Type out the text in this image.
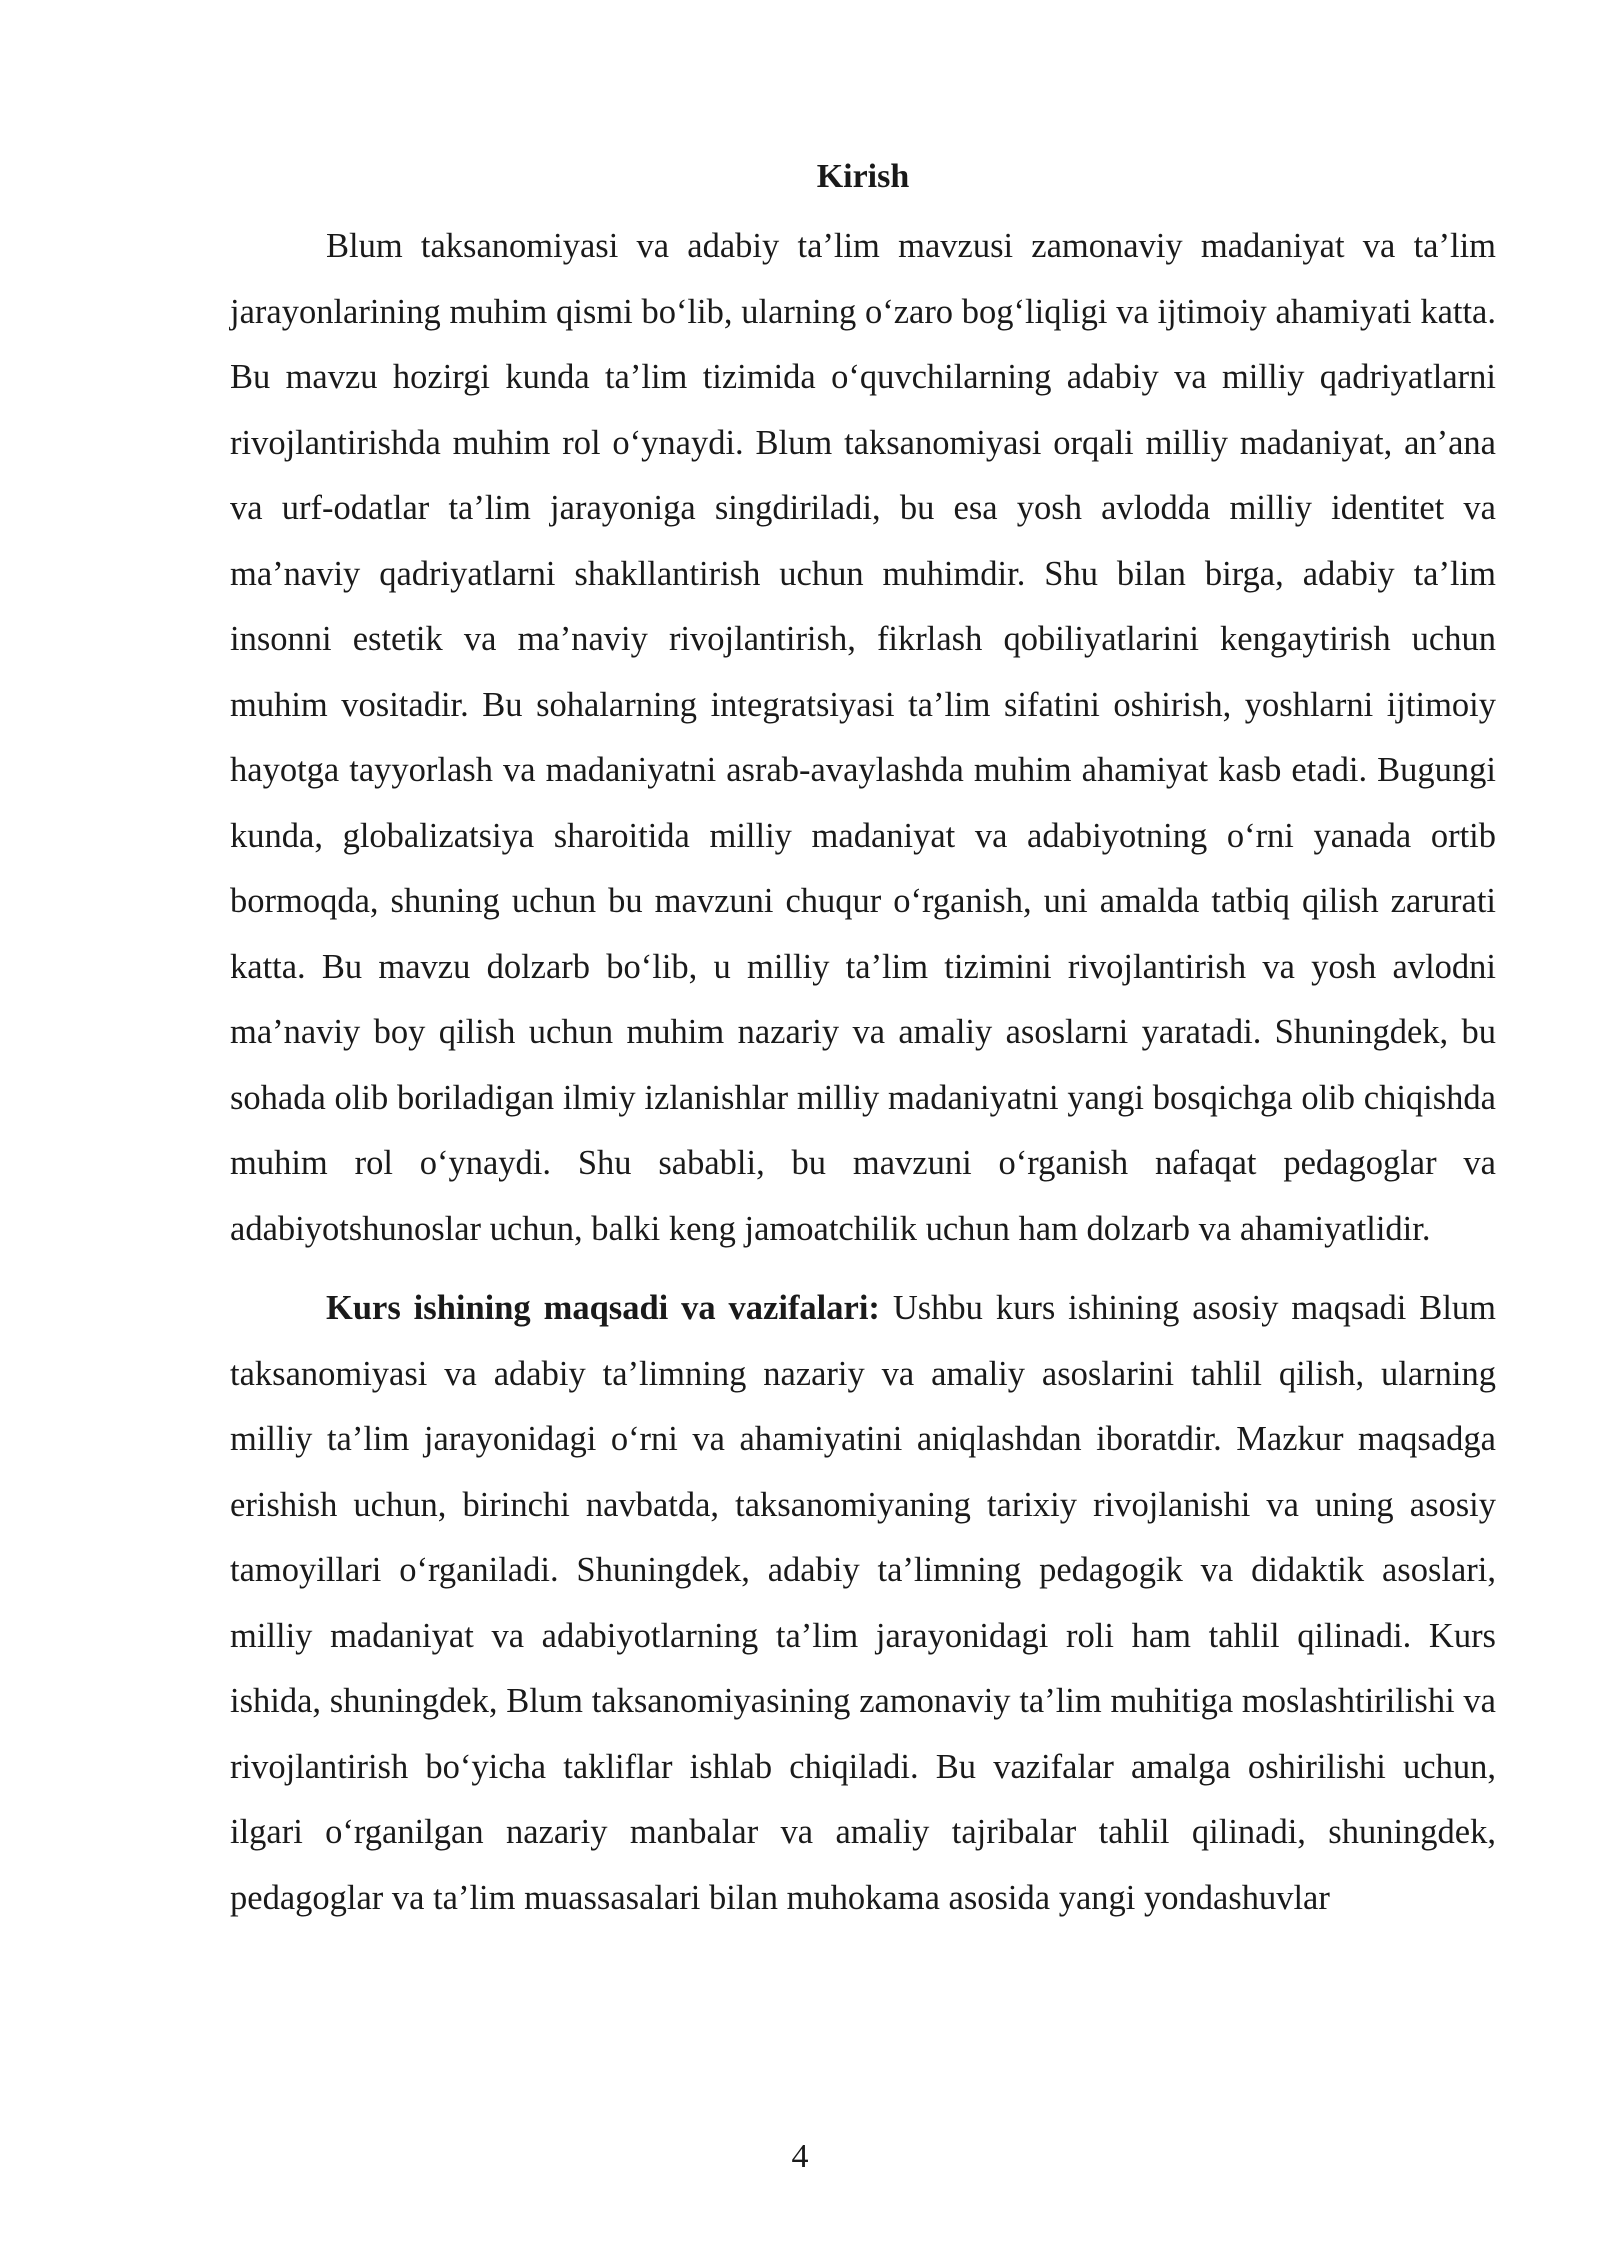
Kirish

Blum taksanomiyasi va adabiy ta’lim mavzusi zamonaviy madaniyat va ta’lim jarayonlarining muhim qismi bo‘lib, ularning o‘zaro bog‘liqligi va ijtimoiy ahamiyati katta. Bu mavzu hozirgi kunda ta’lim tizimida o‘quvchilarning adabiy va milliy qadriyatlarni rivojlantirishda muhim rol o‘ynaydi. Blum taksanomiyasi orqali milliy madaniyat, an’ana va urf-odatlar ta’lim jarayoniga singdiriladi, bu esa yosh avlodda milliy identitet va ma’naviy qadriyatlarni shakllantirish uchun muhimdir. Shu bilan birga, adabiy ta’lim insonni estetik va ma’naviy rivojlantirish, fikrlash qobiliyatlarini kengaytirish uchun muhim vositadir. Bu sohalarning integratsiyasi ta’lim sifatini oshirish, yoshlarni ijtimoiy hayotga tayyorlash va madaniyatni asrab-avaylashda muhim ahamiyat kasb etadi. Bugungi kunda, globalizatsiya sharoitida milliy madaniyat va adabiyotning o‘rni yanada ortib bormoqda, shuning uchun bu mavzuni chuqur o‘rganish, uni amalda tatbiq qilish zarurati katta. Bu mavzu dolzarb bo‘lib, u milliy ta’lim tizimini rivojlantirish va yosh avlodni ma’naviy boy qilish uchun muhim nazariy va amaliy asoslarni yaratadi. Shuningdek, bu sohada olib boriladigan ilmiy izlanishlar milliy madaniyatni yangi bosqichga olib chiqishda muhim rol o‘ynaydi. Shu sababli, bu mavzuni o‘rganish nafaqat pedagoglar va adabiyotshunoslar uchun, balki keng jamoatchilik uchun ham dolzarb va ahamiyatlidir.

Kurs ishining maqsadi va vazifalari: Ushbu kurs ishining asosiy maqsadi Blum taksanomiyasi va adabiy ta’limning nazariy va amaliy asoslarini tahlil qilish, ularning milliy ta’lim jarayonidagi o‘rni va ahamiyatini aniqlashdan iboratdir. Mazkur maqsadga erishish uchun, birinchi navbatda, taksanomiyaning tarixiy rivojlanishi va uning asosiy tamoyillari o‘rganiladi. Shuningdek, adabiy ta’limning pedagogik va didaktik asoslari, milliy madaniyat va adabiyotlarning ta’lim jarayonidagi roli ham tahlil qilinadi. Kurs ishida, shuningdek, Blum taksanomiyasining zamonaviy ta’lim muhitiga moslashtirilishi va rivojlantirish bo‘yicha takliflar ishlab chiqiladi. Bu vazifalar amalga oshirilishi uchun, ilgari o‘rganilgan nazariy manbalar va amaliy tajribalar tahlil qilinadi, shuningdek, pedagoglar va ta’lim muassasalari bilan muhokama asosida yangi yondashuvlar

4
